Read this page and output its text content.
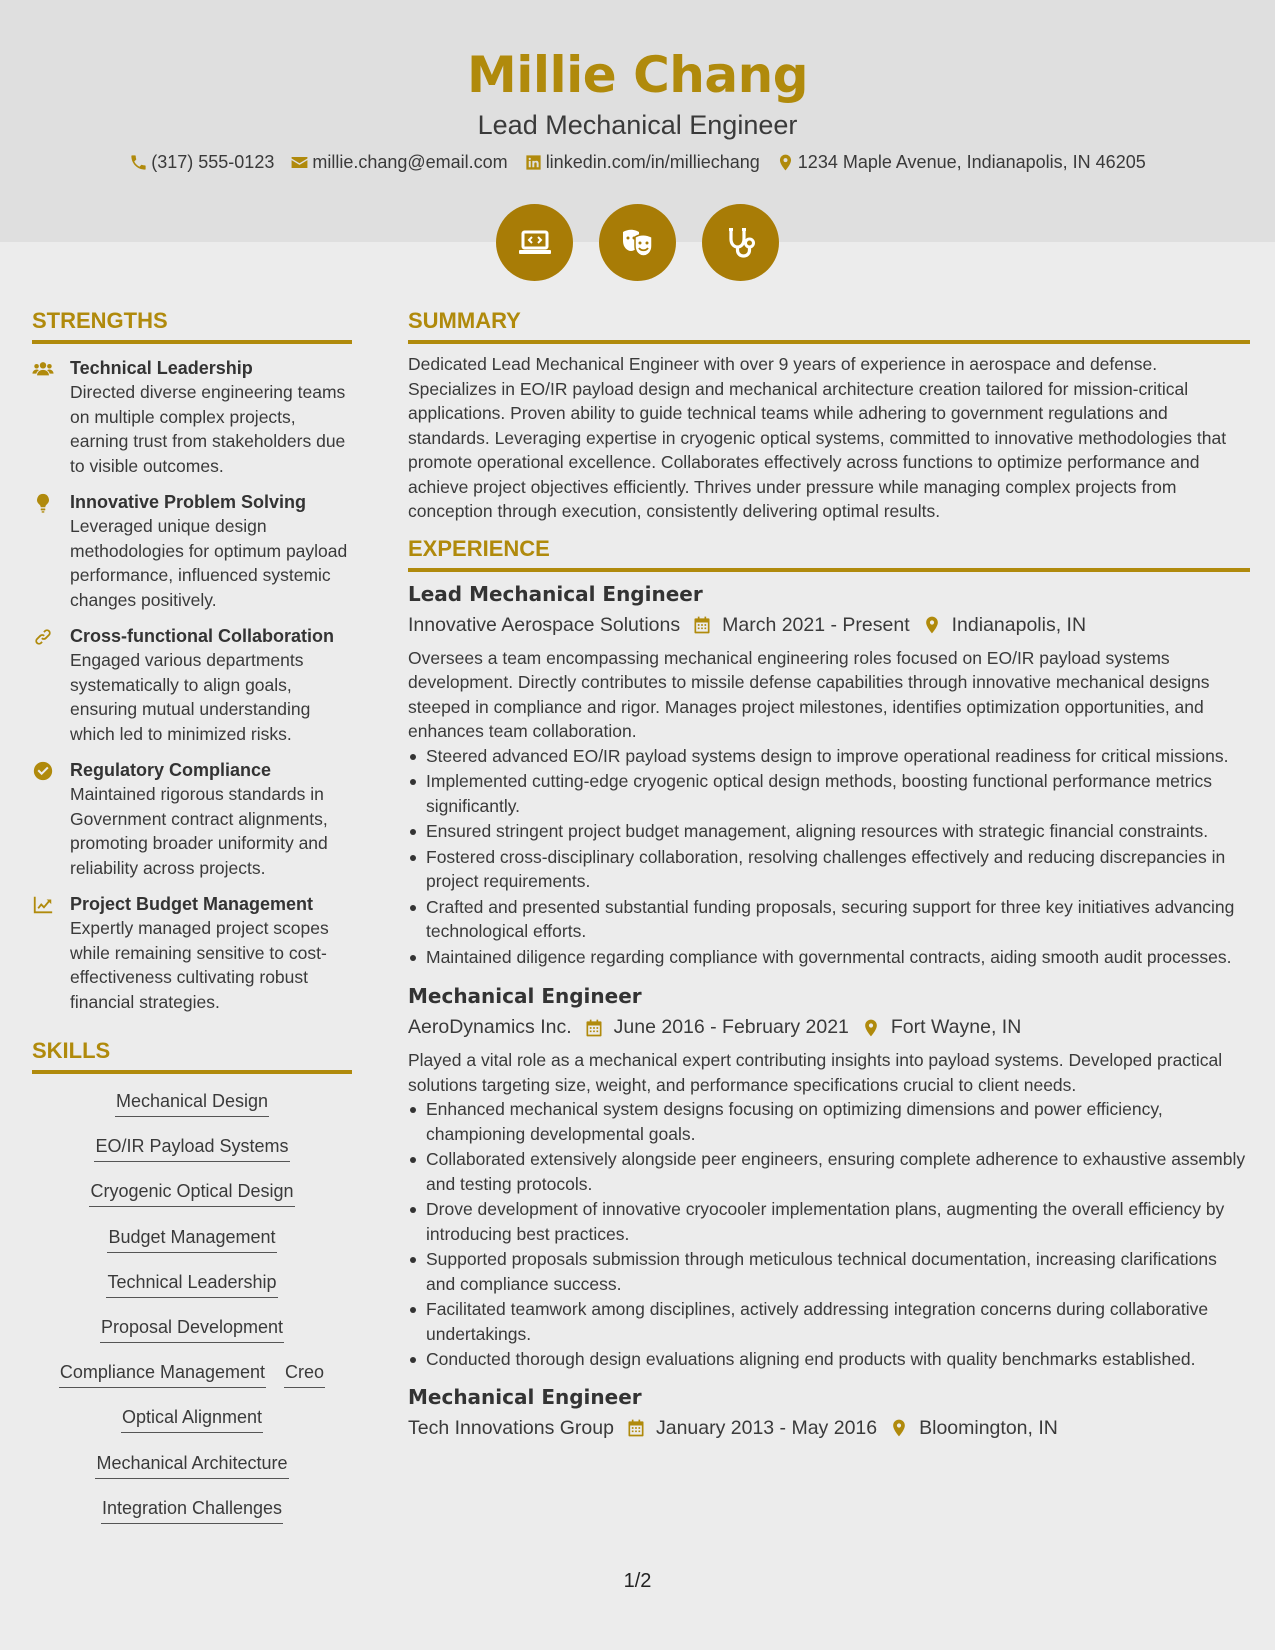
Millie Chang
Lead Mechanical Engineer
(317) 555-0123 millie.chang@email.com linkedin.com/in/milliechang 1234 Maple Avenue, Indianapolis, IN 46205
STRENGTHS
Technical Leadership
Directed diverse engineering teams on multiple complex projects, earning trust from stakeholders due to visible outcomes.
Innovative Problem Solving
Leveraged unique design methodologies for optimum payload performance, influenced systemic changes positively.
Cross-functional Collaboration
Engaged various departments systematically to align goals, ensuring mutual understanding which led to minimized risks.
Regulatory Compliance
Maintained rigorous standards in Government contract alignments, promoting broader uniformity and reliability across projects.
Project Budget Management
Expertly managed project scopes while remaining sensitive to cost-effectiveness cultivating robust financial strategies.
SKILLS
Mechanical Design
EO/IR Payload Systems
Cryogenic Optical Design
Budget Management
Technical Leadership
Proposal Development
Compliance Management Creo
Optical Alignment
Mechanical Architecture
Integration Challenges
SUMMARY
Dedicated Lead Mechanical Engineer with over 9 years of experience in aerospace and defense. Specializes in EO/IR payload design and mechanical architecture creation tailored for mission-critical applications. Proven ability to guide technical teams while adhering to government regulations and standards. Leveraging expertise in cryogenic optical systems, committed to innovative methodologies that promote operational excellence. Collaborates effectively across functions to optimize performance and achieve project objectives efficiently. Thrives under pressure while managing complex projects from conception through execution, consistently delivering optimal results.
EXPERIENCE
Lead Mechanical Engineer
Innovative Aerospace Solutions March 2021 - Present Indianapolis, IN
Oversees a team encompassing mechanical engineering roles focused on EO/IR payload systems development. Directly contributes to missile defense capabilities through innovative mechanical designs steeped in compliance and rigor. Manages project milestones, identifies optimization opportunities, and enhances team collaboration.
Steered advanced EO/IR payload systems design to improve operational readiness for critical missions.
Implemented cutting-edge cryogenic optical design methods, boosting functional performance metrics significantly.
Ensured stringent project budget management, aligning resources with strategic financial constraints.
Fostered cross-disciplinary collaboration, resolving challenges effectively and reducing discrepancies in project requirements.
Crafted and presented substantial funding proposals, securing support for three key initiatives advancing technological efforts.
Maintained diligence regarding compliance with governmental contracts, aiding smooth audit processes.
Mechanical Engineer
AeroDynamics Inc. June 2016 - February 2021 Fort Wayne, IN
Played a vital role as a mechanical expert contributing insights into payload systems. Developed practical solutions targeting size, weight, and performance specifications crucial to client needs.
Enhanced mechanical system designs focusing on optimizing dimensions and power efficiency, championing developmental goals.
Collaborated extensively alongside peer engineers, ensuring complete adherence to exhaustive assembly and testing protocols.
Drove development of innovative cryocooler implementation plans, augmenting the overall efficiency by introducing best practices.
Supported proposals submission through meticulous technical documentation, increasing clarifications and compliance success.
Facilitated teamwork among disciplines, actively addressing integration concerns during collaborative undertakings.
Conducted thorough design evaluations aligning end products with quality benchmarks established.
Mechanical Engineer
Tech Innovations Group January 2013 - May 2016 Bloomington, IN
1/2
